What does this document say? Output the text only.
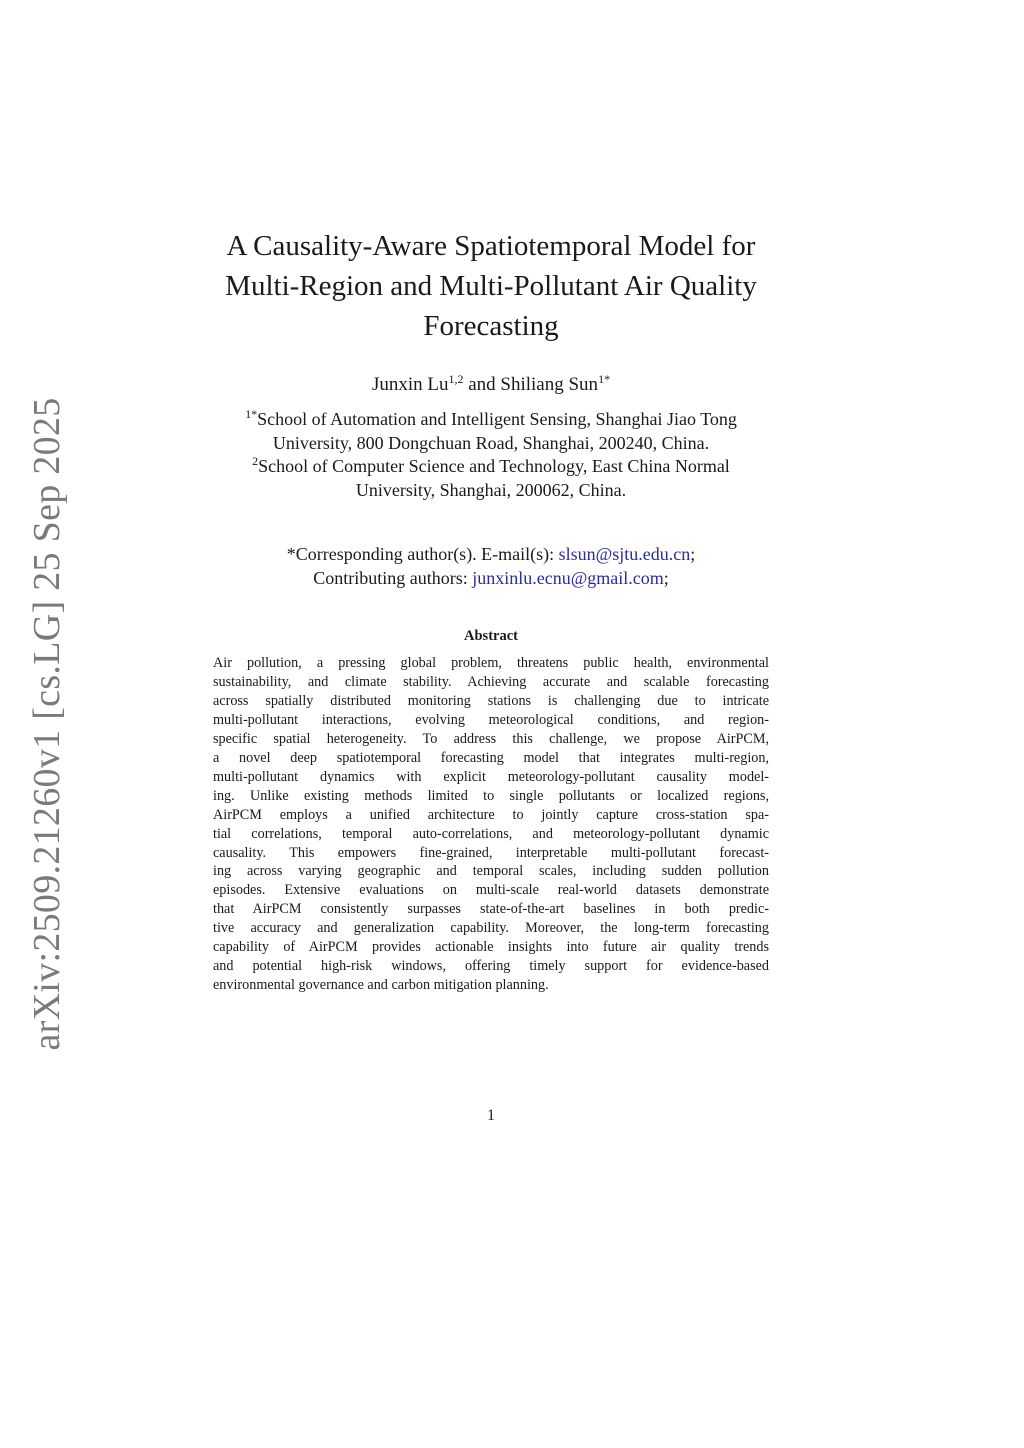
arXiv:2509.21260v1 [cs.LG] 25 Sep 2025
A Causality-Aware Spatiotemporal Model for
Multi-Region and Multi-Pollutant Air Quality
Forecasting
Junxin Lu$^{1,2}$ and Shiliang Sun$^{1*}$

$^{1*}$School of Automation and Intelligent Sensing, Shanghai Jiao Tong

University, 800 Dongchuan Road, Shanghai, 200240, China.

$^2$School of Computer Science and Technology, East China Normal

University, Shanghai, 200062, China.

*Corresponding author(s). E-mail(s): slsun@sjtu.edu.cn;

Contributing authors: junxinlu.ecnu@gmail.com;

Abstract
Air pollution, a pressing global problem, threatens public health, environmental
sustainability, and climate stability. Achieving accurate and scalable forecasting
across spatially distributed monitoring stations is challenging due to intricate
multi-pollutant interactions, evolving meteorological conditions, and region-
specific spatial heterogeneity. To address this challenge, we propose AirPCM,
a novel deep spatiotemporal forecasting model that integrates multi-region,
multi-pollutant dynamics with explicit meteorology-pollutant causality model-
ing. Unlike existing methods limited to single pollutants or localized regions,
AirPCM employs a unified architecture to jointly capture cross-station spa-
tial correlations, temporal auto-correlations, and meteorology-pollutant dynamic
causality. This empowers fine-grained, interpretable multi-pollutant forecast-
ing across varying geographic and temporal scales, including sudden pollution
episodes. Extensive evaluations on multi-scale real-world datasets demonstrate
that AirPCM consistently surpasses state-of-the-art baselines in both predic-
tive accuracy and generalization capability. Moreover, the long-term forecasting
capability of AirPCM provides actionable insights into future air quality trends
and potential high-risk windows, offering timely support for evidence-based
environmental governance and carbon mitigation planning.
1
